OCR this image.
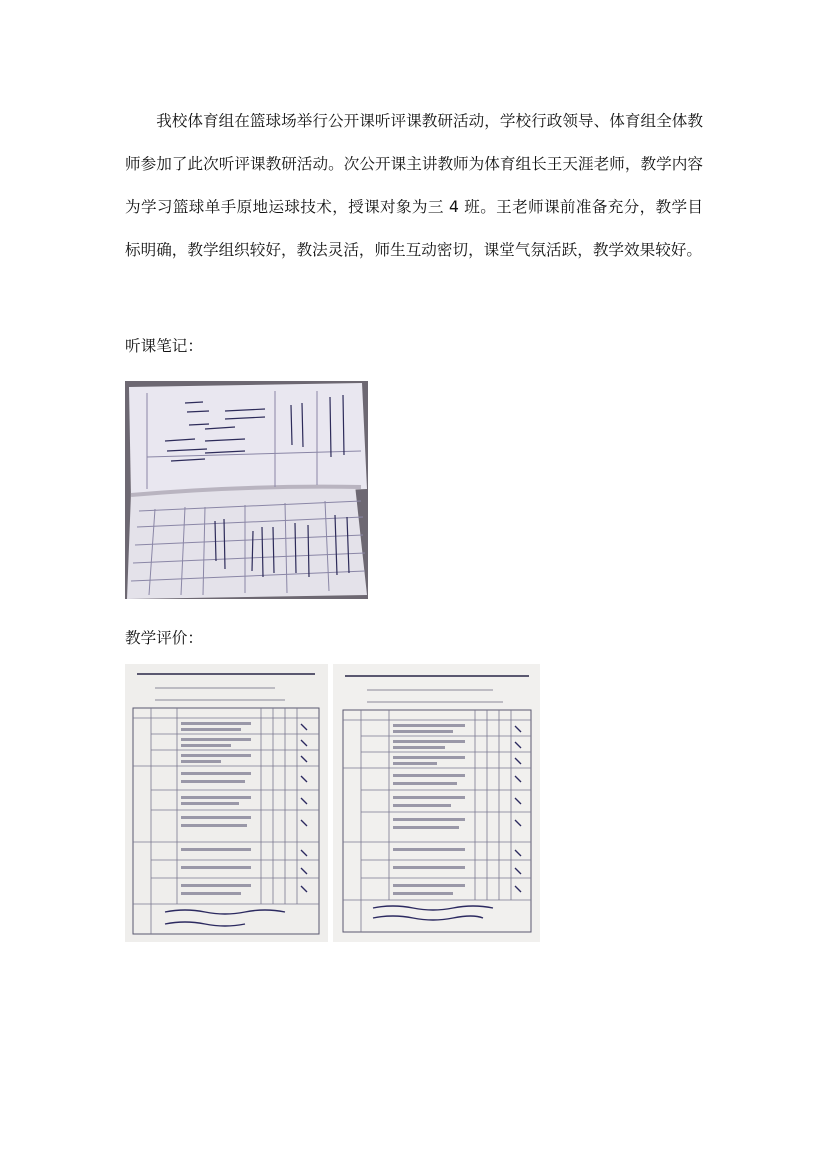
我校体育组在篮球场举行公开课听评课教研活动，学校行政领导、体育组全体教师参加了此次听评课教研活动。次公开课主讲教师为体育组长王天涯老师，教学内容为学习篮球单手原地运球技术，授课对象为三 4 班。王老师课前准备充分，教学目标明确，教学组织较好，教法灵活，师生互动密切，课堂气氛活跃，教学效果较好。

听课笔记：

教学评价：
